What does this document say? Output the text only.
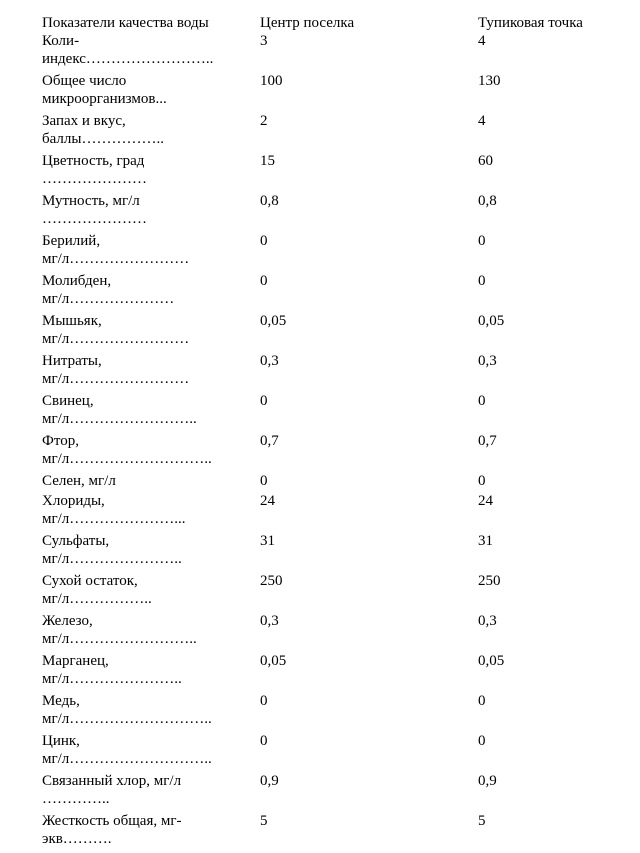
Показатели качества воды	Центр поселка	Тупиковая точка
Коли-
индекс……………………..	3	4
Общее число
микроорганизмов...	100	130
Запах и вкус,
баллы……………..	2	4
Цветность, град
…………………	15	60
Мутность, мг/л
…………………	0,8	0,8
Берилий,
мг/л……………………	0	0
Молибден,
мг/л…………………	0	0
Мышьяк,
мг/л……………………	0,05	0,05
Нитраты,
мг/л……………………	0,3	0,3
Свинец,
мг/л……………………..	0	0
Фтор,
мг/л………………………..	0,7	0,7
Селен, мг/л	0	0
Хлориды,
мг/л…………………...	24	24
Сульфаты,
мг/л…………………..	31	31
Сухой остаток,
мг/л……………..	250	250
Железо,
мг/л……………………..	0,3	0,3
Марганец,
мг/л…………………..	0,05	0,05
Медь,
мг/л………………………..	0	0
Цинк,
мг/л………………………..	0	0
Связанный хлор, мг/л
…………..	0,9	0,9
Жесткость общая, мг-
экв……….	5	5
